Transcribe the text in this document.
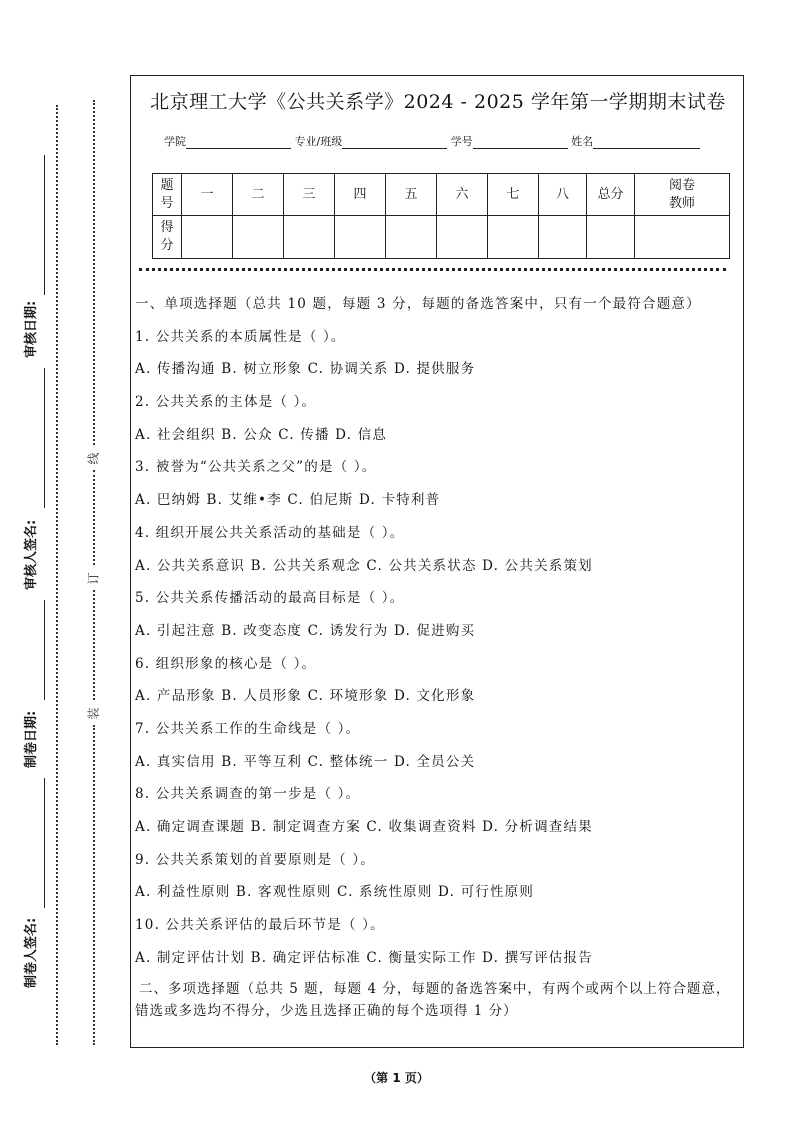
审核日期:
审核人签名:
制卷日期:
制卷人签名:
线
订
装
北京理工大学《公共关系学》2024 - 2025 学年第一学期期末试卷
学院	专业/班级	学号	姓名
题
号	一	二	三	四	五	六	七	八	总分	阅卷
教师
得
分										

一、单项选择题（总共 10 题，每题 3 分，每题的备选答案中，只有一个最符合题意）

1. 公共关系的本质属性是（ ）。

A. 传播沟通 B. 树立形象 C. 协调关系 D. 提供服务

2. 公共关系的主体是（ ）。

A. 社会组织 B. 公众 C. 传播 D. 信息

3. 被誉为“公共关系之父”的是（ ）。

A. 巴纳姆 B. 艾维•李 C. 伯尼斯 D. 卡特利普

4. 组织开展公共关系活动的基础是（ ）。

A. 公共关系意识 B. 公共关系观念 C. 公共关系状态 D. 公共关系策划

5. 公共关系传播活动的最高目标是（ ）。

A. 引起注意 B. 改变态度 C. 诱发行为 D. 促进购买

6. 组织形象的核心是（ ）。

A. 产品形象 B. 人员形象 C. 环境形象 D. 文化形象

7. 公共关系工作的生命线是（ ）。

A. 真实信用 B. 平等互利 C. 整体统一 D. 全员公关

8. 公共关系调查的第一步是（ ）。

A. 确定调查课题 B. 制定调查方案 C. 收集调查资料 D. 分析调查结果

9. 公共关系策划的首要原则是（ ）。

A. 利益性原则 B. 客观性原则 C. 系统性原则 D. 可行性原则

10. 公共关系评估的最后环节是（ ）。

A. 制定评估计划 B. 确定评估标准 C. 衡量实际工作 D. 撰写评估报告

二、多项选择题（总共 5 题，每题 4 分，每题的备选答案中，有两个或两个以上符合题意，错选或多选均不得分，少选且选择正确的每个选项得 1 分）

（第 1 页）
